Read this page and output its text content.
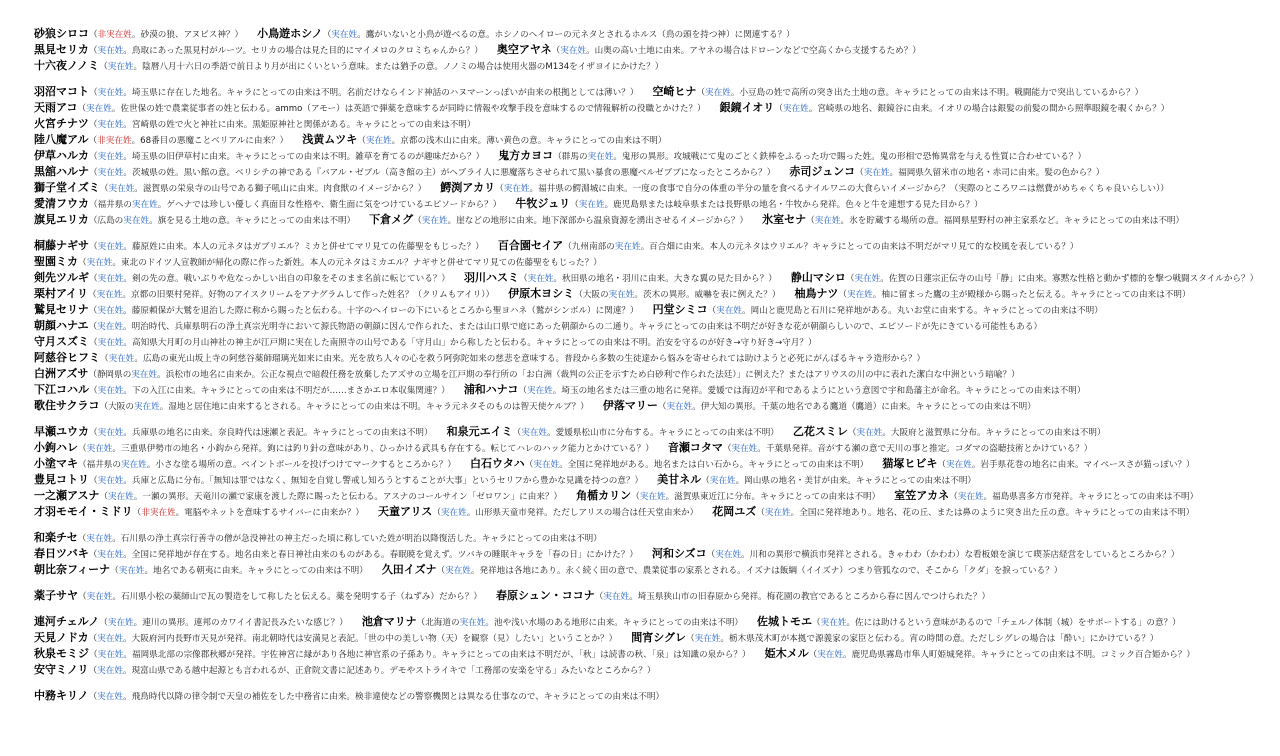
砂狼シロコ（非実在姓。砂漠の狼、アヌビス神？） 小鳥遊ホシノ（実在姓。鷹がいないと小鳥が遊べるの意。ホシノのヘイローの元ネタとされるホルス（鳥の頭を持つ神）に関連する？）
黒見セリカ（実在姓。鳥取にあった黒見村がルーツ。セリカの場合は見た目的にマイメロのクロミちゃんから？） 奥空アヤネ（実在姓。山奥の高い土地に由来。アヤネの場合はドローンなどで空高くから支援するため？）
十六夜ノノミ（実在姓。陰暦八月十六日の季語で前日より月が出にくいという意味。または猶予の意。ノノミの場合は使用火器のM134をイザヨイにかけた？）
羽沼マコト（実在姓。埼玉県に存在した地名。キャラにとっての由来は不明。名前だけならインド神話のハヌマーンっぽいが由来の根拠としては薄い？） 空崎ヒナ（実在姓。小豆島の姓で高所の突き出た土地の意。キャラにとっての由来は不明。戦闘能力で突出しているから？）
天雨アコ（実在姓。佐世保の姓で農業従事者の姓と伝わる。ammo（アモー）は英語で弾薬を意味するが同時に情報や攻撃手段を意味するので情報解析の役職とかけた？） 銀鏡イオリ（実在姓。宮崎県の地名、銀鏡谷に由来。イオリの場合は銀髪の前髪の間から照準眼鏡を覗くから？）
火宮チナツ（実在姓。宮崎県の姓で火と神社に由来。黒姫原神社と関係がある。キャラにとっての由来は不明）
陸八魔アル（非実在姓。68番目の悪魔ことベリアルに由来？） 浅黄ムツキ（実在姓。京都の浅木山に由来。薄い黄色の意。キャラにとっての由来は不明）
伊草ハルカ（実在姓。埼玉県の旧伊草村に由来。キャラにとっての由来は不明。雑草を育てるのが趣味だから？） 鬼方カヨコ（群馬の実在姓。鬼形の異形。攻城戦にて鬼のごとく鉄棒をふるった功で賜った姓。鬼の形相で恐怖異常を与える性質に合わせている？）
黒舘ハルナ（実在姓。茨城県の姓。黒い館の意。ベリシテの神である『バアル・ゼブル（高き館の主）がヘブライ人に悪魔落ちさせられて黒い暴食の悪魔ベルゼブブになったところから？） 赤司ジュンコ（実在姓。福岡県久留米市の地名・赤司に由来。髪の色から？）
獅子堂イズミ（実在姓。滋賀県の栄泉寺の山号である獅子吼山に由来。肉食獣のイメージから？） 鰐渕アカリ（実在姓。福井県の鰐淵城に由来。一度の食事で自分の体重の半分の量を食べるナイルワニの大食らいイメージから？（実際のところワニは燃費がめちゃくちゃ良いらしい））
愛清フウカ（福井県の実在姓。ゲヘナでは珍しい優しく真面目な性格や、衛生面に気をつけているエピソードから？） 牛牧ジュリ（実在姓。鹿児島県または岐阜県または長野県の地名・牛牧から発祥。色々と牛を連想する見た目から？）
旗見エリカ（広島の実在姓。旗を見る土地の意。キャラにとっての由来は不明） 下倉メグ（実在姓。崖などの地形に由来。地下深部から温泉資源を湧出させるイメージから？） 氷室セナ（実在姓。氷を貯蔵する場所の意。福岡県星野村の神主家系など。キャラにとっての由来は不明）
桐藤ナギサ（実在姓。藤原姓に由来。本人の元ネタはガブリエル？ミカと併せてマリ見ての佐藤聖をもじった？） 百合園セイア（九州南部の実在姓。百合畑に由来。本人の元ネタはウリエル？キャラにとっての由来は不明だがマリ見て的な校風を表している？）
聖園ミカ（実在姓。東北のドイツ人宣教師が帰化の際に作った新姓。本人の元ネタはミカエル？ナギサと併せてマリ見ての佐藤聖をもじった？）
剣先ツルギ（実在姓。剣の先の意。戦いぶりや危なっかしい出自の印象をそのまま名前に転じている？） 羽川ハスミ（実在姓。秋田県の地名・羽川に由来。大きな翼の見た目から？） 静山マシロ（実在姓。佐賀の日蓮宗正伝寺の山号「静」に由来。寡黙な性格と動かず標的を撃つ戦闘スタイルから？）
栗村アイリ（実在姓。京都の旧栗村発祥。好物のアイスクリームをアナグラムして作った姓名？（クリムもアイリ）） 伊原木ヨシミ（大阪の実在姓。茨木の異形。威嚇を表に例えた？） 柚鳥ナツ（実在姓。柚に留まった鷹の主が殿様から賜ったと伝える。キャラにとっての由来は不明）
鷲見セリナ（実在姓。藤原頼保が大鷲を退治した際に称から賜ったと伝わる。十字のヘイローの下にいるところから聖ヨハネ（鷲がシンボル）に関連？） 円堂シミコ（実在姓。岡山と鹿児島と石川に発祥地がある。丸いお堂に由来する。キャラにとっての由来は不明）
朝顔ハナエ（実在姓。明治時代、兵庫県明石の浄土真宗光明寺において源氏物語の朝顔に因んで作られた、または山口県で庭にあった朝顔からの二通り。キャラにとっての由来は不明だが好きな花が朝顔らしいので、エピソードが先にきている可能性もある）
守月スズミ（実在姓。高知県大月町の月山神社の神主が江戸期に実在した南照寺の山号である「守月山」から称したと伝わる。キャラにとっての由来は不明。治安を守るのが好き→守り好き→守月？）
阿慈谷ヒフミ（実在姓。広島の東光山坂上寺の阿慈谷薬師瑠璃光如来に由来。光を放ち人々の心を救う阿弥陀如来の慈悲を意味する。普段から多数の生徒達から悩みを寄せられては助けようと必死にがんばるキャラ造形から？）
白洲アズサ（静岡県の実在姓。浜松市の地名に由来か。公正な視点で暗殺任務を放棄したアズサの立場を江戸期の奉行所の「お白洲（裁判の公正を示すため白砂利で作られた法廷）」に例えた？またはアリウスの川の中に表れた潔白な中洲という暗喩？）
下江コハル（実在姓。下の入江に由来。キャラにとっての由来は不明だが……まさかエロ本収集関連？） 浦和ハナコ（実在姓。埼玉の地名または三重の地名に発祥。愛媛では海辺が平和であるようにという意図で宇和島藩主が命名。キャラにとっての由来は不明）
歌住サクラコ（大阪の実在姓。湿地と居住地に由来するとされる。キャラにとっての由来は不明。キャラ元ネタそのものは智天使ケルブ？） 伊落マリー（実在姓。伊大知の異形。千葉の地名である鷹道（鷹道）に由来。キャラにとっての由来は不明）
早瀬ユウカ（実在姓。兵庫県の地名に由来。奈良時代は速瀬と表記。キャラにとっての由来は不明） 和泉元エイミ（実在姓。愛媛県松山市に分布する。キャラにとっての由来は不明） 乙花スミレ（実在姓。大阪府と滋賀県に分布。キャラにとっての由来は不明）
小鉤ハレ（実在姓。三重県伊勢市の地名・小鈎から発祥。鉤には釣り針の意味があり、ひっかける武具も存在する。転じてハレのハック能力とかけている？） 音瀬コタマ（実在姓。千葉県発祥。音がする瀬の意で天川の事と推定。コダマの盗聴技術とかけている？）
小塗マキ（福井県の実在姓。小さな塗る場所の意。ペイントボールを投げつけてマークするところから？） 白石ウタハ（実在姓。全国に発祥地がある。地名または白い石から。キャラにとっての由来は不明） 猫塚ヒビキ（実在姓。岩手県花巻の地名に由来。マイペースさが猫っぽい？）
豊見コトリ（実在姓。兵庫と広島に分布。「無知は罪ではなく、無知を自覚し警戒し知ろうとすることが大事」というセリフから豊かな見識を持つの意？） 美甘ネル（実在姓。岡山県の地名・美甘が由来。キャラにとっての由来は不明）
一之瀬アスナ（実在姓。一瀬の異形。天竜川の瀬で家康を渡した際に賜ったと伝わる。アスナのコールサイン「ゼロワン」に由来？） 角楯カリン（実在姓。滋賀県東近江に分布。キャラにとっての由来は不明） 室笠アカネ（実在姓。福島県喜多方市発祥。キャラにとっての由来は不明）
才羽モモイ・ミドリ（非実在姓。電脳やネットを意味するサイバーに由来か？） 天童アリス（実在姓。山形県天童市発祥。ただしアリスの場合は任天堂由来か） 花岡ユズ（実在姓。全国に発祥地あり。地名、花の丘、または鼻のように突き出た丘の意。キャラにとっての由来は不明）
和楽チセ（実在姓。石川県の浄土真宗行善寺の僧が急没神社の神主だった頃に称していた姓が明治以降復活した。キャラにとっての由来は不明）
春日ツバキ（実在姓。全国に発祥地が存在する。地名由来と春日神社由来のものがある。春眠暁を覚えず。ツバキの睡眠キャラを「春の日」にかけた？） 河和シズコ（実在姓。川和の異形で横浜市発祥とされる。きゃわわ（かわわ）な看板娘を演じて喫茶店経営をしているところから？）
朝比奈フィーナ（実在姓。地名である朝夷に由来。キャラにとっての由来は不明） 久田イズナ（実在姓。発祥地は各地にあり。永く続く田の意で、農業従事の家系とされる。イズナは飯綱（イイズナ）つまり管狐なので、そこから「クダ」を捩っている？）
薬子サヤ（実在姓。石川県小松の薬師山で瓦の製造をして称したと伝える。薬を発明する子（ねずみ）だから？） 春原シュン・ココナ（実在姓。埼玉県狭山市の旧春原から発祥。梅花園の教官であるところから春に因んでつけられた？）
連河チェルノ（実在姓。連川の異形。連邦のカワイイ書記長みたいな感じ？） 池倉マリナ（北海道の実在姓。池や浅い水場のある地形に由来。キャラにとっての由来は不明） 佐城トモエ（実在姓。佐には助けるという意味があるので「チェルノ体制（城）をサポートする」の意？）
天見ノドカ（実在姓。大阪府河内長野市天見が発祥。南北朝時代は安満見と表記。「世の中の美しい物（天）を観察（見）したい」ということか？） 間宵シグレ（実在姓。栃木県茂木町が本拠で源義家の家臣と伝わる。宵の時間の意。ただしシグレの場合は「酔い」にかけている？）
秋泉モミジ（実在姓。福岡県北部の宗像郡秋郷が発祥。宇佐神宮に縁があり各地に神官系の子孫あり。キャラにとっての由来は不明だが、「秋」は読書の秋、「泉」は知識の泉から？） 姫木メル（実在姓。鹿児島県霧島市隼人町姫城発祥。キャラにとっての由来は不明。コミック百合姫から？）
安守ミノリ（実在姓。現富山県である越中起源とも言われるが、正倉院文書に記述あり。デモやストライキで「工務部の安楽を守る」みたいなところから？）
中務キリノ（実在姓。飛鳥時代以降の律令制で天皇の補佐をした中務省に由来。検非違使などの警察機関とは異なる仕事なので、キャラにとっての由来は不明）
